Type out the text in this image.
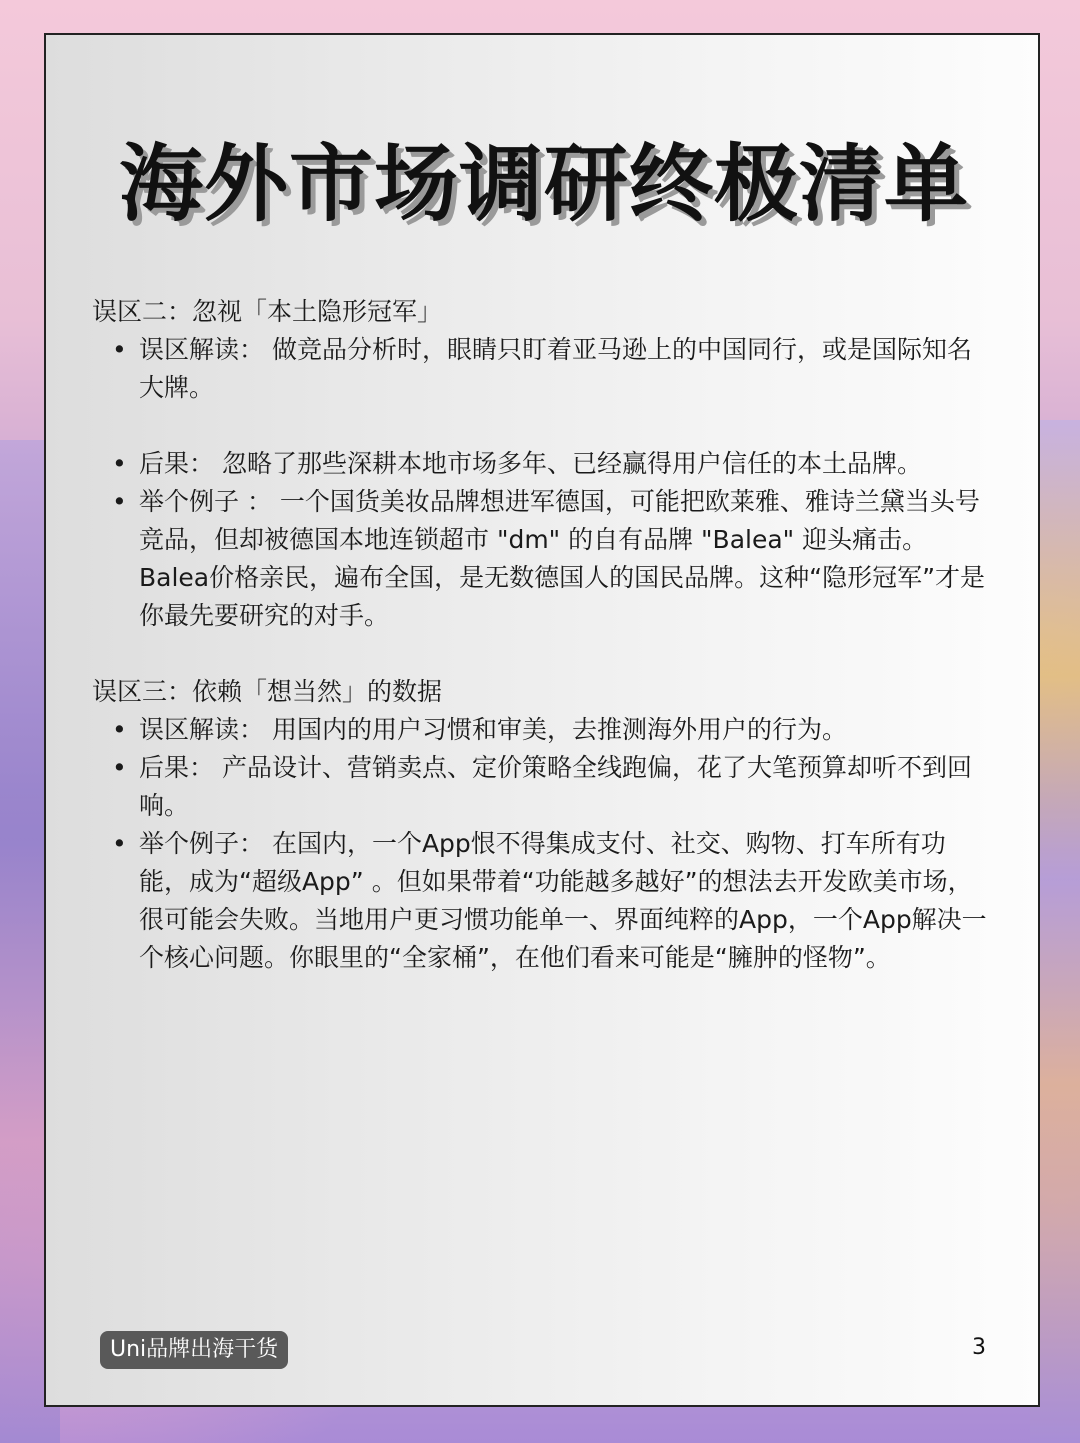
海外市场调研终极清单

误区二：忽视「本土隐形冠军」

• 误区解读： 做竞品分析时，眼睛只盯着亚马逊上的中国同行，或是国际知名大牌。
• 后果： 忽略了那些深耕本地市场多年、已经赢得用户信任的本土品牌。
• 举个例子 ： 一个国货美妆品牌想进军德国，可能把欧莱雅、雅诗兰黛当头号竞品，但却被德国本地连锁超市 "dm" 的自有品牌 "Balea" 迎头痛击。Balea价格亲民，遍布全国，是无数德国人的国民品牌。这种“隐形冠军”才是你最先要研究的对手。

误区三：依赖「想当然」的数据

• 误区解读： 用国内的用户习惯和审美，去推测海外用户的行为。
• 后果： 产品设计、营销卖点、定价策略全线跑偏，花了大笔预算却听不到回响。
• 举个例子： 在国内，一个App恨不得集成支付、社交、购物、打车所有功能，成为“超级App” 。但如果带着“功能越多越好”的想法去开发欧美市场，很可能会失败。当地用户更习惯功能单一、界面纯粹的App，一个App解决一个核心问题。你眼里的“全家桶”，在他们看来可能是“臃肿的怪物”。
Uni品牌出海干货	3
